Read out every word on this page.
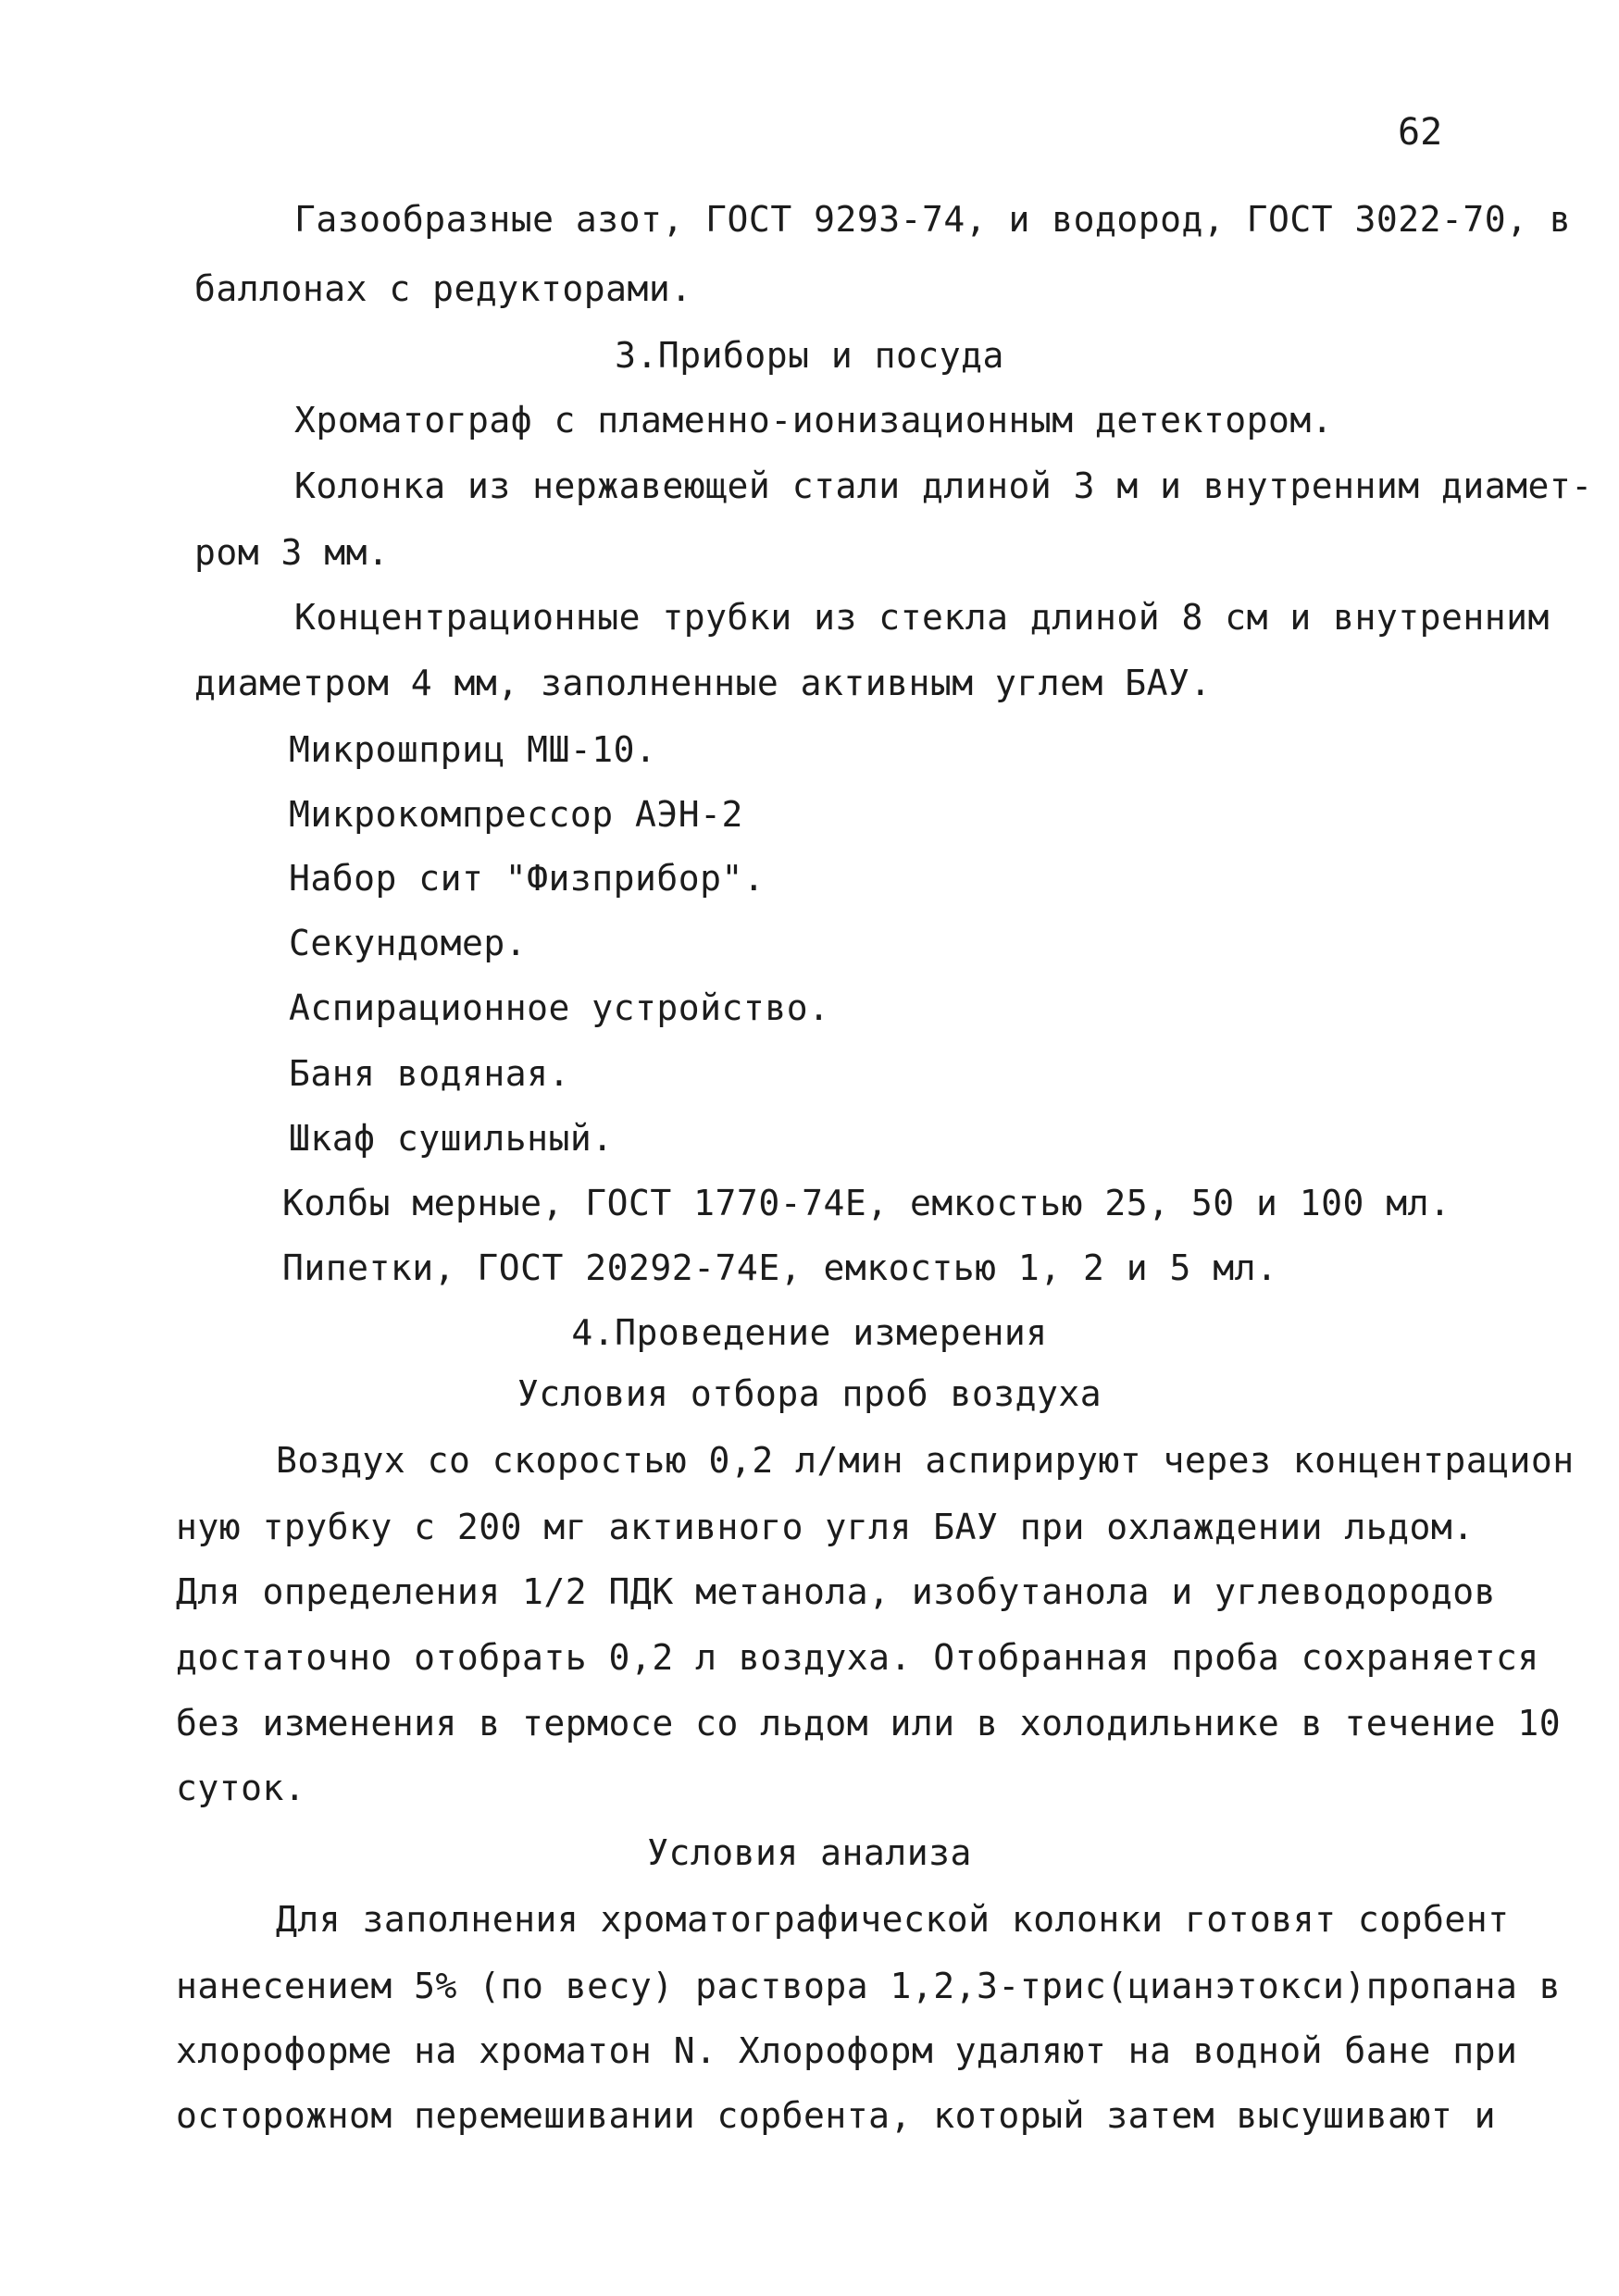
62
Газообразные азот, ГОСТ 9293-74, и водород, ГОСТ 3022-70, в
баллонах с редукторами.
3.Приборы и посуда
Хроматограф с пламенно-ионизационным детектором.
Колонка из нержавеющей стали длиной 3 м и внутренним диамет-
ром 3 мм.
Концентрационные трубки из стекла длиной 8 см и внутренним
диаметром 4 мм, заполненные активным углем БАУ.
Микрошприц МШ-10.
Микрокомпрессор АЭН-2
Набор сит "Физприбор".
Секундомер.
Аспирационное устройство.
Баня водяная.
Шкаф сушильный.
Колбы мерные, ГОСТ 1770-74Е, емкостью 25, 50 и 100 мл.
Пипетки, ГОСТ 20292-74Е, емкостью 1, 2 и 5 мл.
4.Проведение измерения
Условия отбора проб воздуха
Воздух со скоростью 0,2 л/мин аспирируют через концентрацион
ную трубку с 200 мг активного угля БАУ при охлаждении льдом.
Для определения 1/2 ПДК метанола, изобутанола и углеводородов
достаточно отобрать 0,2 л воздуха. Отобранная проба сохраняется
без изменения в термосе со льдом или в холодильнике в течение 10
суток.
Условия анализа
Для заполнения хроматографической колонки готовят сорбент
нанесением 5% (по весу) раствора 1,2,3-трис(цианэтокси)пропана в
хлороформе на хроматон N. Хлороформ удаляют на водной бане при
осторожном перемешивании сорбента, который затем высушивают и
